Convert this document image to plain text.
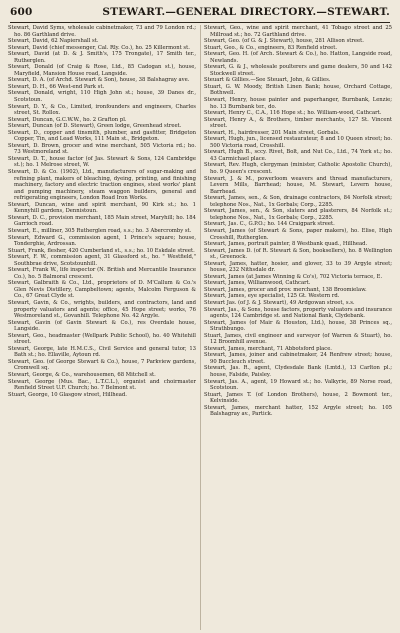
600	STEWART.—GENERAL DIRECTORY.—STEWART.

Stewart, David Syms, wholesale cabinetmaker, 73 and 79 London rd.; ho. 86 Garthland drive.

Stewart, David, 62 Napiershall st.

Stewart, David (chief messenger, Cal. Rly. Co.), ho. 25 Killermont st.

Stewart, David (at D. & J. Smith's, 175 Trongate), 17 Smith ter., Rutherglen.

Stewart, Donald (of Craig & Rose, Ltd., 85 Cadogan st.), house, Maryfield, Mansion House road, Langside.

Stewart, D. A. (of Archd. Stewart & Son), house, 38 Balshagray ave.

Stewart, D. H., 66 West-end Park st.

Stewart, Donald, wright, 110 High John st.; house, 39 Danes dr., Scotstoun.

Stewart, D. Y., & Co., Limited, ironfounders and engineers, Charles street, St. Rollox.

Stewart, Duncan, G.C.W.W., ho. 2 Grafton pl.

Stewart, Duncan (of D. Stewart), Green lodge, Greenhead street.

Stewart, D., copper and tinsmith, plumber, and gasfitter, Bridgeton Copper, Tin, and Lead Works, 111 Main st., Bridgeton.

Stewart, D. Brown, grocer and wine merchant, 505 Victoria rd.; ho. 73 Westmoreland st.

Stewart, D. T., house factor (of Jas. Stewart & Sons, 124 Cambridge st.); ho. 1 Melrose street, W.

Stewart, D. & Co. (1902), Ltd., manufacturers of sugar-making and refining plant, makers of bleaching, dyeing, printing, and finishing machinery, factory and electric traction engines, steel works' plant and pumping machinery, steam waggon builders, general and refrigerating engineers, London Road Iron Works.

Stewart, Duncan, wine and spirit merchant, 90 Kirk st.; ho. 1 Kennyhill gardens, Dennistoun.

Stewart, D. C., provision merchant, 185 Main street, Maryhill; ho. 184 Garrioch road.

Stewart, E., milliner, 305 Rutherglen road, s.s.; ho. 3 Abercromby st.

Stewart, Edward G., commission agent, 1 Prince's square; house, Tonderghie, Ardrossan.

Stuart, Frank, flesher, 420 Cumberland st., s.s.; ho. 10 Eskdale street.

Stewart, F. W., commission agent, 31 Glassford st., ho. " Westfield," Southbrae drive, Scotstounhill.

Stewart, Frank W., life inspector (N. British and Mercantile Insurance Co.), ho. 5 Balmoral crescent.

Stewart, Galbraith & Co., Ltd., proprietors of D. M'Callum & Co.'s Glen Nevis Distillery, Campbeltown; agents, Malcolm Ferguson & Co., 67 Great Clyde st.

Stewart, Gavin, & Co., wrights, builders, and contractors, land and property valuators and agents; office, 45 Hope street; works, 76 Westmoreland st., Govanhill. Telephone No. 42 Argyle.

Stewart, Gavin (of Gavin Stewart & Co.), res Overdale house, Langside.

Stewart, Geo., headmaster (Wellpark Public School), ho. 40 Whitehill street.

Stewart, George, late H.M.C.S., Civil Service and general tutor, 13 Bath st.; ho. Ellaville, Aytoun rd.

Stewart, Geo. (of George Stewart & Co.), house, 7 Parkview gardens, Cromwell sq.

Stewart, George, & Co., warehousemen, 68 Mitchell st.

Stewart, George (Mus. Bac., L.T.C.L.), organist and choirmaster Renfield Street U.F. Church; ho. 7 Belmont st.

Stuart, George, 10 Glasgow street, Hillhead.

Stewart, Geo., wine and spirit merchant, 41 Tobago street and 25 Millroad st.; ho. 72 Garthland drive.

Stewart, Geo. (of G. & J. Stewart), house, 281 Allison street.

Stuart, Geo., & Co., engineers, 83 Renfield street.

Stewart, Geo. H. (of Arch. Stewart & Co.), ho. Hatton, Langside road, Newlands.

Stewart, G. & J., wholesale poulterers and game dealers, 50 and 142 Stockwell street.

Steuart & Gillies.—See Steuart, John, & Gillies.

Stuart, G. W. Moody, British Linen Bank; house, Orchard Cottage, Bothwell.

Stewart, Henry, house painter and paperhanger, Burnbank, Lenzie; ho. 13 Burnbank ter., do.

Stewart, Henry C., C.A., 116 Hope st.; ho. William-wood, Cathcart.

Stewart, Henry A., & Brothers, timber merchants, 127 St. Vincent street.

Stewart, H., hairdresser, 201 Main street, Gorbals.

Stewart, Hugh, jun., licensed restaurateur, 8 and 10 Queen street; ho. 500 Victoria road, Crosshill.

Stewart, Hugh B., sccy. Rivet, Bolt, and Nut Co., Ltd., 74 York st.; ho. 43 Carmichael place.

Stewart, Rev. Hugh, clergyman (minister, Catholic Apostolic Church), ho. 9 Queen's crescent.

Stewart, J. & M., powerloom weavers and thread manufacturers, Levern Mills, Barrhead; house, M. Stewart, Levern house, Barrhead.

Stewart, James, sen., & Son, drainage contractors, 84 Norfolk street; telephone Nos., Nat., 1x Gorbals; Corp., 2285.

Stewart, James, sen., & Son, slaters and plasterers, 84 Norfolk st.; telephone Nos., Nat., 1x Gorbals; Corp., 2285.

Stewart, Jas. C., G.P.O.; ho. 144 Craigpark street.

Stewart, James (of Stewart & Sons, paper makers), ho. Elise, High Crosshill, Rutherglen.

Stewart, James, portrait painter, 8 Westbank quad., Hillhead.

Stewart, James D. (of R. Stewart & Son, booksellers), ho. 8 Wellington st., Greenock.

Stewart, James, hatter, hosier, and glover, 33 to 39 Argyle street; house, 232 Nithsdale dr.

Stewart, James (at James Winning & Co's), 702 Victoria terrace, E.

Stewart, James, Williamwood, Cathcart.

Stewart, James, grocer and prov. merchant, 138 Broomielaw.

Stewart, James, eye specialist, 125 Gt. Western rd.

Stewart Jas. (of J. & J. Stewart), 49 Ardgowan street, s.s.

Stewart, Jas., & Sons, house factors, property valuators and insurance agents, 124 Cambridge st. and National Bank, Clydebank.

Stewart, James (of Mair & Houston, Ltd.), house, 38 Princes sq., Strathbungo.

Stuart, James, civil engineer and surveyor (of Warren & Stuart), ho. 12 Broomhill avenue.

Stewart, James, merchant, 71 Abbotsford place.

Stewart, James, joiner and cabinetmaker, 24 Renfrew street; house, 90 Buccleuch street.

Stewart, Jas. R., agent, Clydesdale Bank (Lmtd.), 13 Carlton pl.; house, Falside, Paisley.

Stewart, Jas. A., agent, 19 Howard st.; ho. Valkyrie, 89 Norse road, Scotstoun.

Stuart, James T. (of London Brothers), house, 2 Bowmont ter., Kelvinside.

Stewart, James, merchant hatter, 152 Argyle street; ho. 105 Balshagray av., Partick.
